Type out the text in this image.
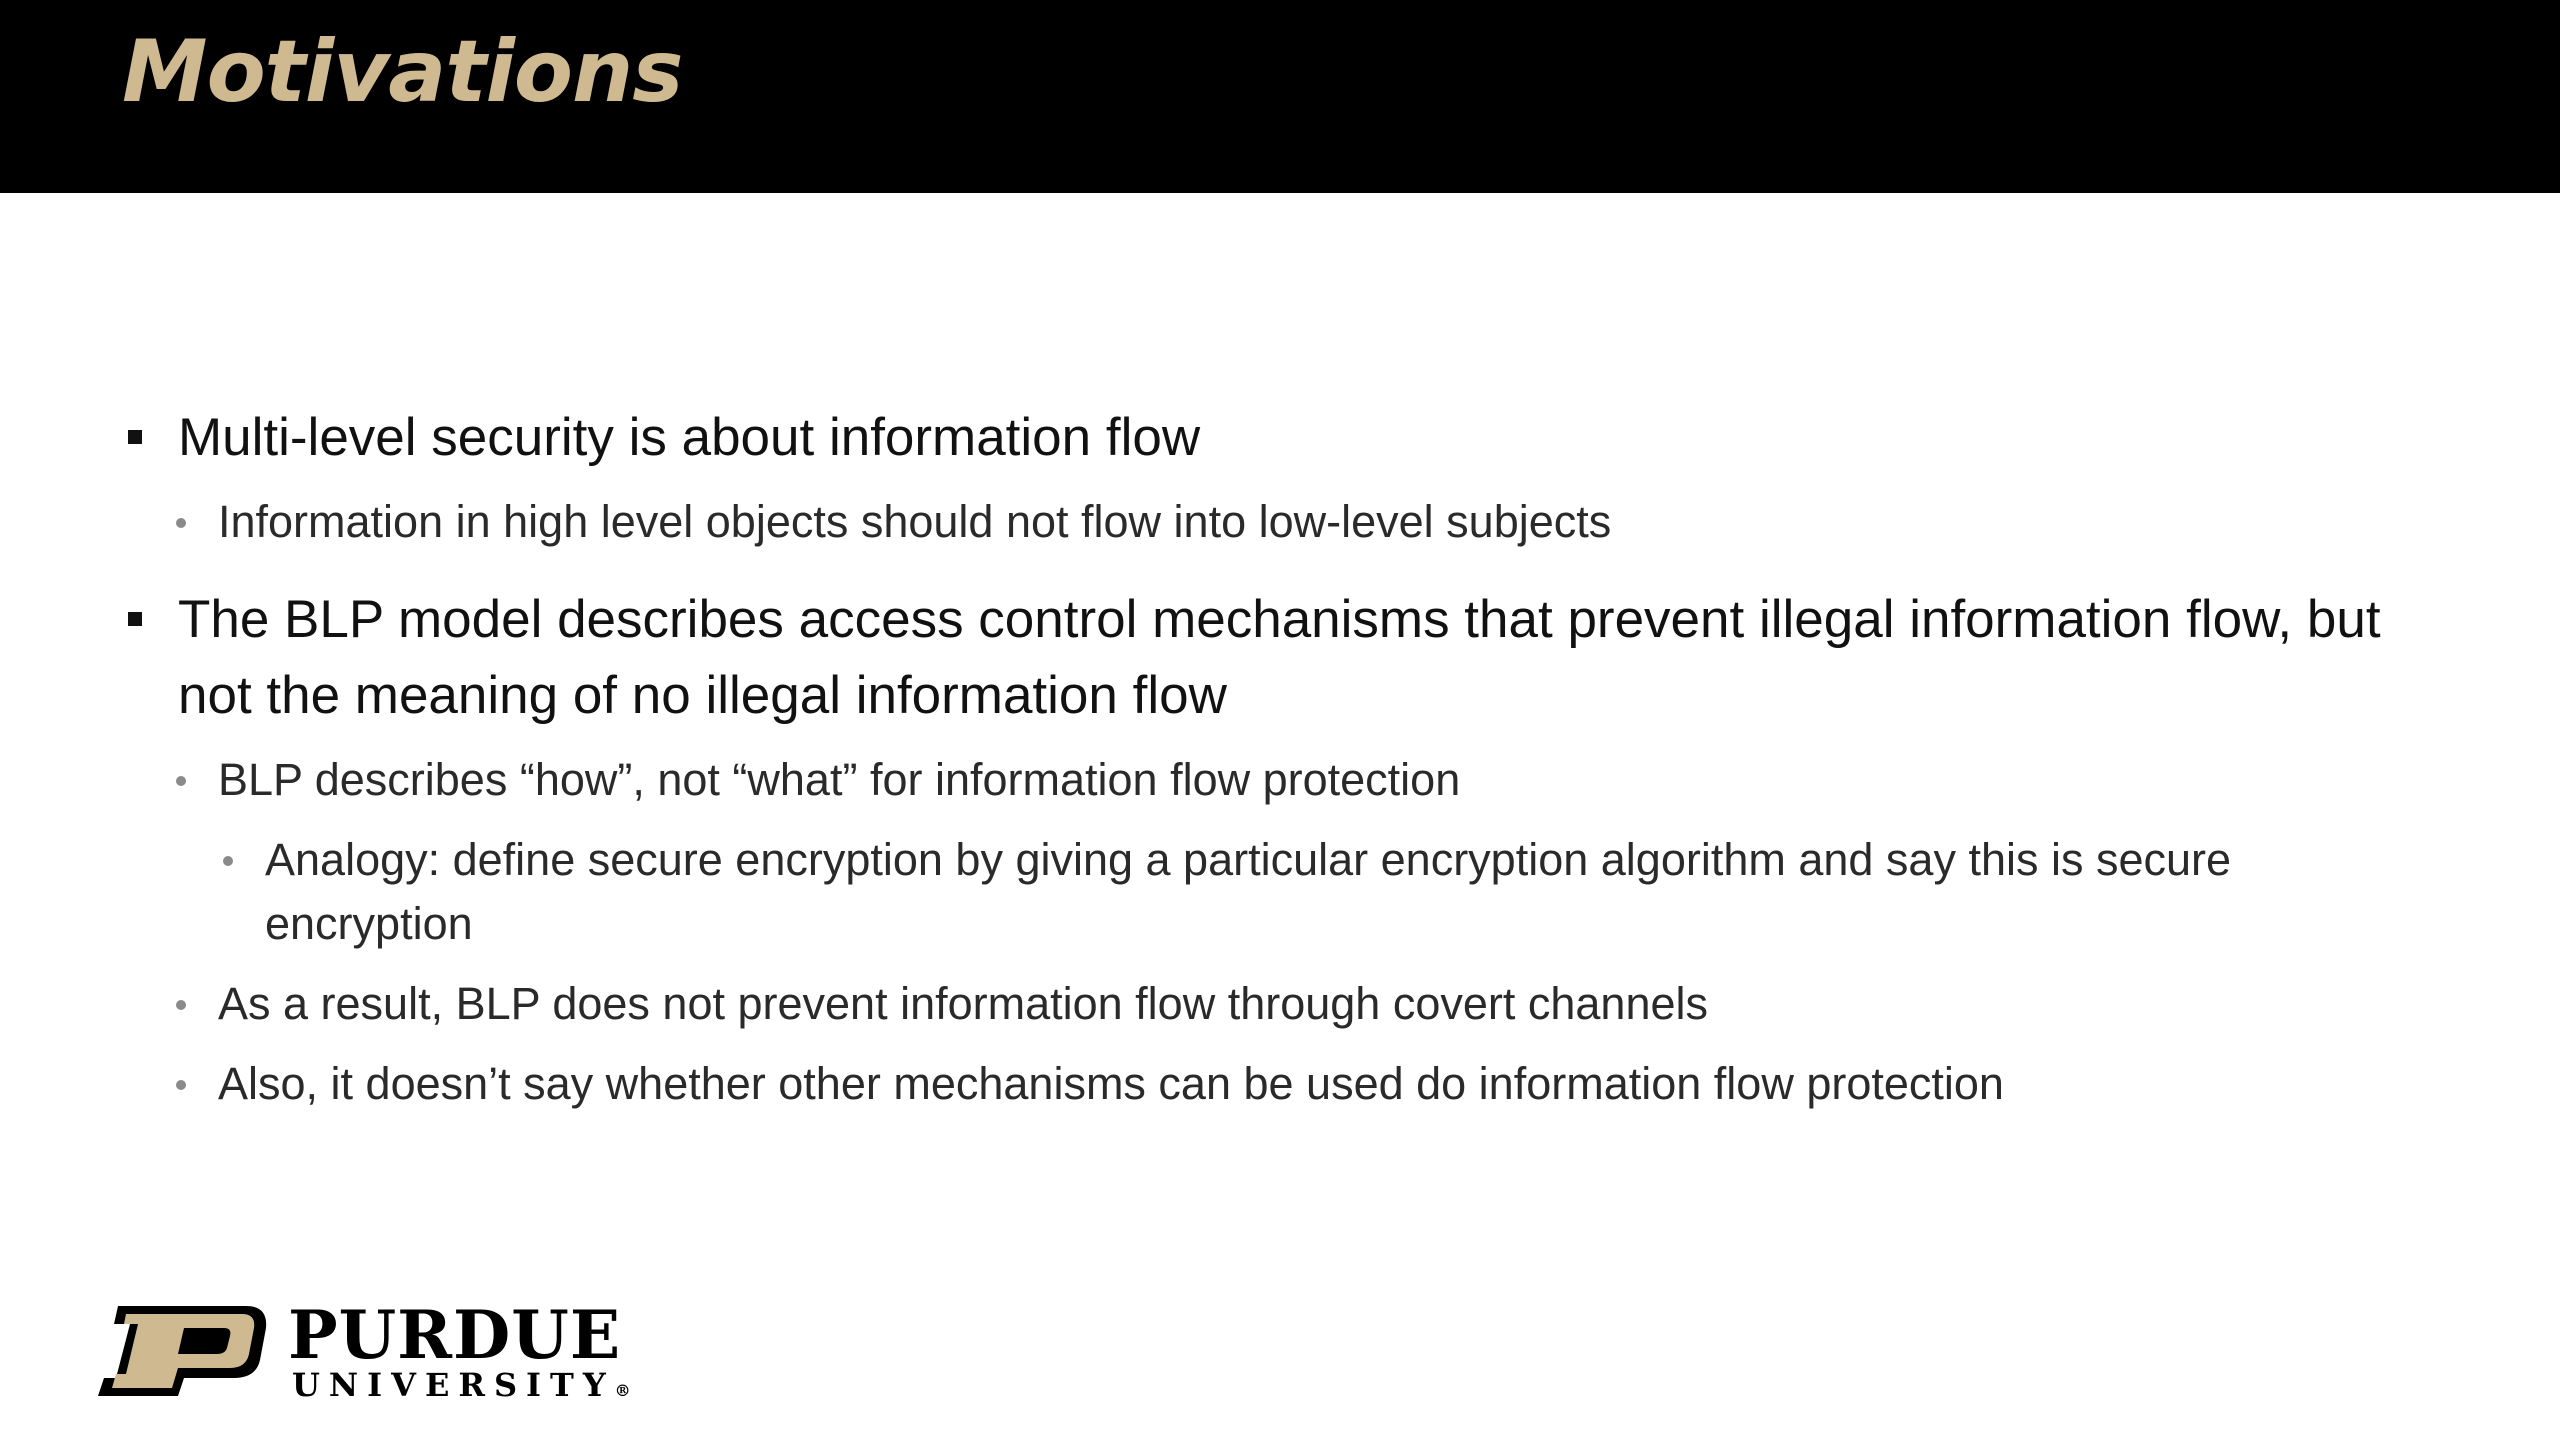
Motivations

Multi-level security is about information flow

Information in high level objects should not flow into low-level subjects

The BLP model describes access control mechanisms that prevent illegal information flow, but not the meaning of no illegal information flow

BLP describes “how”, not “what” for information flow protection

Analogy: define secure encryption by giving a particular encryption algorithm and say this is secure encryption

As a result, BLP does not prevent information flow through covert channels

Also, it doesn’t say whether other mechanisms can be used do information flow protection

PURDUE
UNIVERSITY®
